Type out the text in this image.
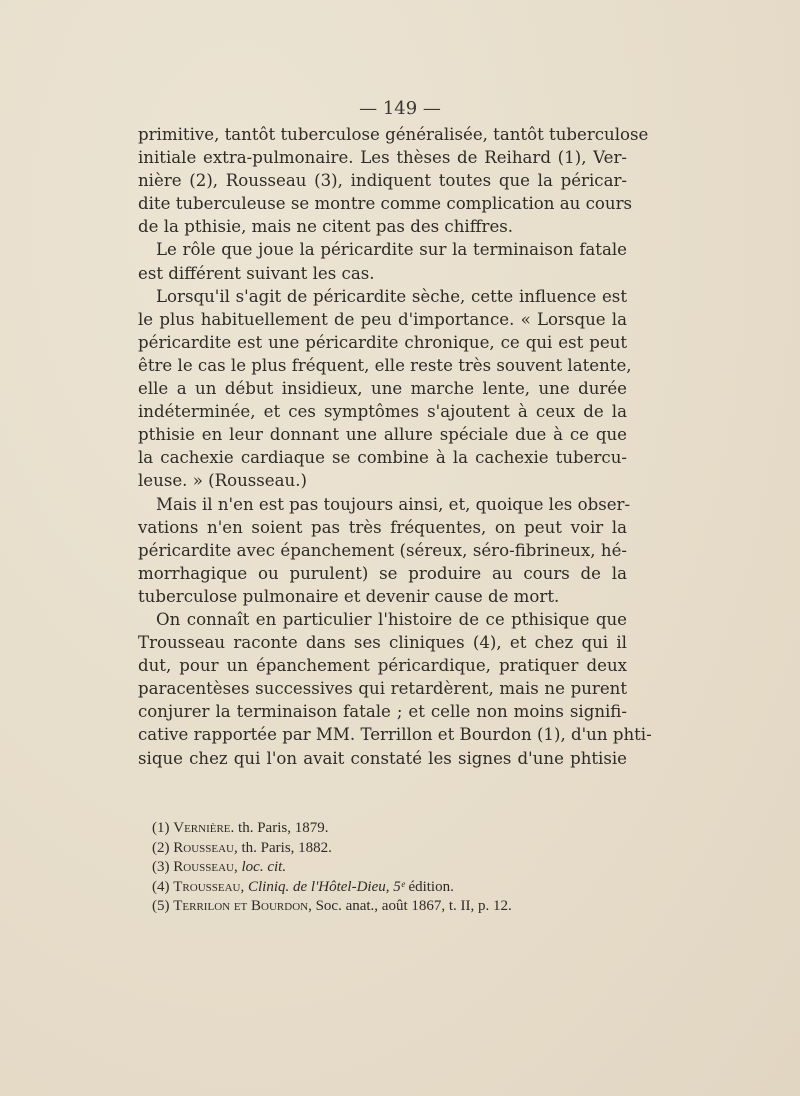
— 149 —
primitive, tantôt tuberculose généralisée, tantôt tuberculose
initiale extra-pulmonaire. Les thèses de Reihard (1), Ver-
nière (2), Rousseau (3), indiquent toutes que la péricar-
dite tuberculeuse se montre comme complication au cours
de la pthisie, mais ne citent pas des chiffres.
Le rôle que joue la péricardite sur la terminaison fatale
est différent suivant les cas.
Lorsqu'il s'agit de péricardite sèche, cette influence est
le plus habituellement de peu d'importance. « Lorsque la
péricardite est une péricardite chronique, ce qui est peut
être le cas le plus fréquent, elle reste très souvent latente,
elle a un début insidieux, une marche lente, une durée
indéterminée, et ces symptômes s'ajoutent à ceux de la
pthisie en leur donnant une allure spéciale due à ce que
la cachexie cardiaque se combine à la cachexie tubercu-
leuse. » (Rousseau.)
Mais il n'en est pas toujours ainsi, et, quoique les obser-
vations n'en soient pas très fréquentes, on peut voir la
péricardite avec épanchement (séreux, séro-fibrineux, hé-
morrhagique ou purulent) se produire au cours de la
tuberculose pulmonaire et devenir cause de mort.
On connaît en particulier l'histoire de ce pthisique que
Trousseau raconte dans ses cliniques (4), et chez qui il
dut, pour un épanchement péricardique, pratiquer deux
paracentèses successives qui retardèrent, mais ne purent
conjurer la terminaison fatale ; et celle non moins signifi-
cative rapportée par MM. Terrillon et Bourdon (1), d'un phti-
sique chez qui l'on avait constaté les signes d'une phtisie
(1) Vernière. th. Paris, 1879.
(2) Rousseau, th. Paris, 1882.
(3) Rousseau, loc. cit.
(4) Trousseau, Cliniq. de l'Hôtel-Dieu, 5ᵉ édition.
(5) Terrilon et Bourdon, Soc. anat., août 1867, t. II, p. 12.
